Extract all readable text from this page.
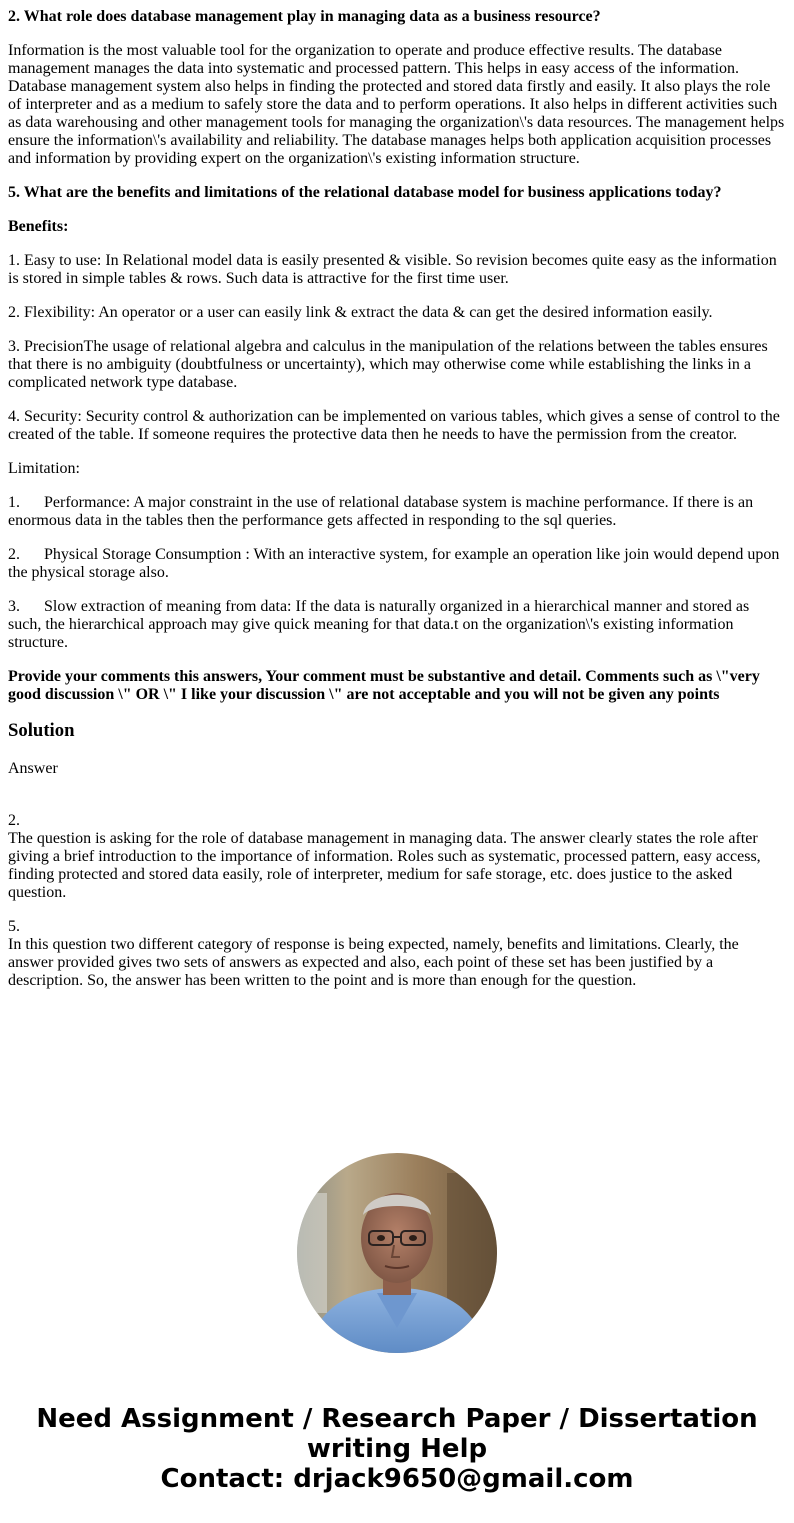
2. What role does database management play in managing data as a business resource?

Information is the most valuable tool for the organization to operate and produce effective results. The database management manages the data into systematic and processed pattern. This helps in easy access of the information. Database management system also helps in finding the protected and stored data firstly and easily. It also plays the role of interpreter and as a medium to safely store the data and to perform operations. It also helps in different activities such as data warehousing and other management tools for managing the organization\'s data resources. The management helps ensure the information\'s availability and reliability. The database manages helps both application acquisition processes and information by providing expert on the organization\'s existing information structure.

5. What are the benefits and limitations of the relational database model for business applications today?

Benefits:

1. Easy to use: In Relational model data is easily presented & visible. So revision becomes quite easy as the information is stored in simple tables & rows. Such data is attractive for the first time user.

2. Flexibility: An operator or a user can easily link & extract the data & can get the desired information easily.

3. PrecisionThe usage of relational algebra and calculus in the manipulation of the relations between the tables ensures that there is no ambiguity (doubtfulness or uncertainty), which may otherwise come while establishing the links in a complicated network type database.

4. Security: Security control & authorization can be implemented on various tables, which gives a sense of control to the created of the table. If someone requires the protective data then he needs to have the permission from the creator.

Limitation:

1. Performance: A major constraint in the use of relational database system is machine performance. If there is an enormous data in the tables then the performance gets affected in responding to the sql queries.

2. Physical Storage Consumption : With an interactive system, for example an operation like join would depend upon the physical storage also.

3. Slow extraction of meaning from data: If the data is naturally organized in a hierarchical manner and stored as such, the hierarchical approach may give quick meaning for that data.t on the organization\'s existing information structure.

Provide your comments this answers, Your comment must be substantive and detail. Comments such as \"very good discussion \" OR \" I like your discussion \" are not acceptable and you will not be given any points

Solution

Answer

2.
The question is asking for the role of database management in managing data. The answer clearly states the role after giving a brief introduction to the importance of information. Roles such as systematic, processed pattern, easy access, finding protected and stored data easily, role of interpreter, medium for safe storage, etc. does justice to the asked question.

5.
In this question two different category of response is being expected, namely, benefits and limitations. Clearly, the answer provided gives two sets of answers as expected and also, each point of these set has been justified by a description. So, the answer has been written to the point and is more than enough for the question.

Need Assignment / Research Paper / Dissertation writing Help
Contact: drjack9650@gmail.com
